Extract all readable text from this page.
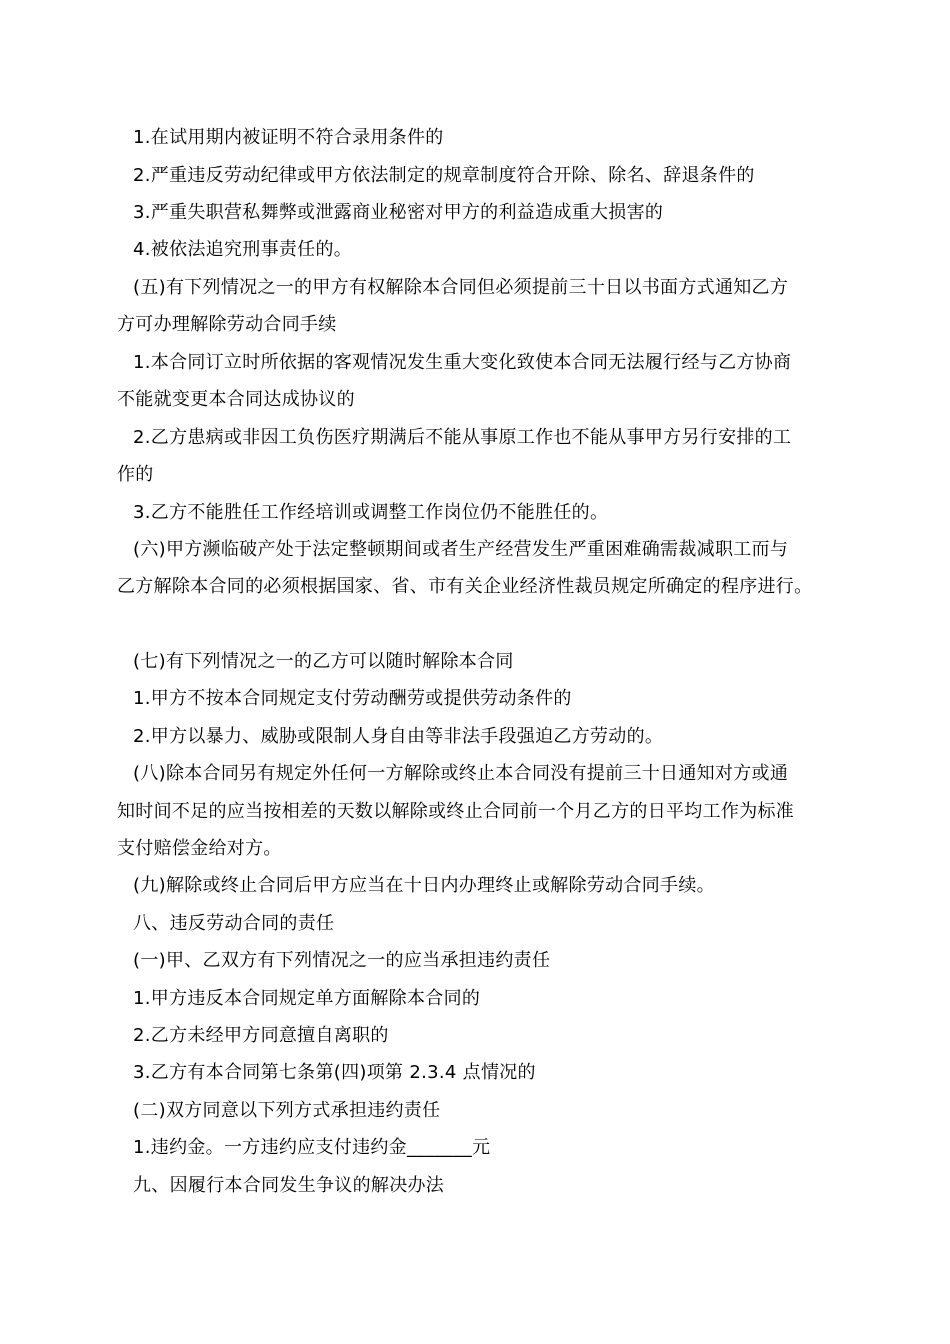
1.在试用期内被证明不符合录用条件的
2.严重违反劳动纪律或甲方依法制定的规章制度符合开除、除名、辞退条件的
3.严重失职营私舞弊或泄露商业秘密对甲方的利益造成重大损害的
4.被依法追究刑事责任的。
(五)有下列情况之一的甲方有权解除本合同但必须提前三十日以书面方式通知乙方
方可办理解除劳动合同手续
1.本合同订立时所依据的客观情况发生重大变化致使本合同无法履行经与乙方协商
不能就变更本合同达成协议的
2.乙方患病或非因工负伤医疗期满后不能从事原工作也不能从事甲方另行安排的工
作的
3.乙方不能胜任工作经培训或调整工作岗位仍不能胜任的。
(六)甲方濒临破产处于法定整顿期间或者生产经营发生严重困难确需裁减职工而与
乙方解除本合同的必须根据国家、省、市有关企业经济性裁员规定所确定的程序进行。
(七)有下列情况之一的乙方可以随时解除本合同
1.甲方不按本合同规定支付劳动酬劳或提供劳动条件的
2.甲方以暴力、威胁或限制人身自由等非法手段强迫乙方劳动的。
(八)除本合同另有规定外任何一方解除或终止本合同没有提前三十日通知对方或通
知时间不足的应当按相差的天数以解除或终止合同前一个月乙方的日平均工作为标准
支付赔偿金给对方。
(九)解除或终止合同后甲方应当在十日内办理终止或解除劳动合同手续。
八、违反劳动合同的责任
(一)甲、乙双方有下列情况之一的应当承担违约责任
1.甲方违反本合同规定单方面解除本合同的
2.乙方未经甲方同意擅自离职的
3.乙方有本合同第七条第(四)项第 2.3.4 点情况的
(二)双方同意以下列方式承担违约责任
1.违约金。一方违约应支付违约金_______元
九、因履行本合同发生争议的解决办法
